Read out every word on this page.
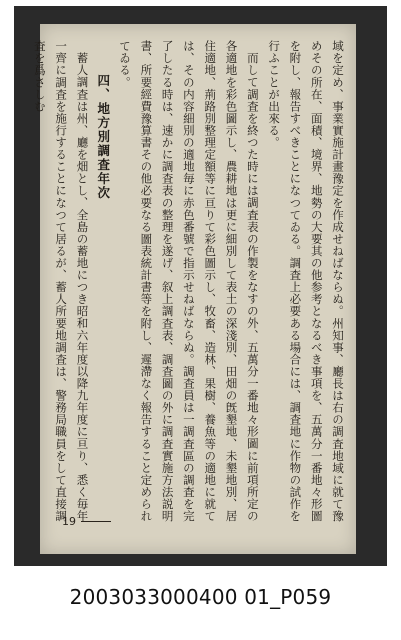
域を定め、事業實施計畫豫定を作成せねばならぬ。州知事、廳長は右の調査地域に就て豫めその所在、面積、境界、地勢の大要其の他参考となるべき事項を、五萬分一番地々形圖を附し、報告すべきことになつてゐる。調査上必要ある場合には、調査地に作物の試作を行ふことが出來る。

而して調査を終つた時には調査表の作製をなすの外、五萬分一番地々形圖に前項所定の各適地を彩色圖示し、農耕地は更に細別して表土の深淺別、田畑の旣墾地、未墾地別、居住適地、荊路別整理定額等に亘りて彩色圖示し、牧畜、造林、果樹、養魚等の適地に就ては、その内容細別の適地毎に赤色番號で指示せねばならぬ。調査員は一調査區の調査を完了したる時は、速かに調査表の整理を遂げ、叙上調査表、調査圖の外に調査實施方法説明書、所要經費豫算書その他必要なる圖表統計書等を附し、遲滯なく報告すること定められてゐる。

四、地方別調査年次

蓄人調査は州、廳を畑とし、全島の蓄地につき昭和六年度以降九年度に亘り、悉く毎年一齊に調査を施行することになつて居るが、蓄人所要地調査は、警務局職員をして直接調査を爲さしむ

19
2003033000400 01_P059
